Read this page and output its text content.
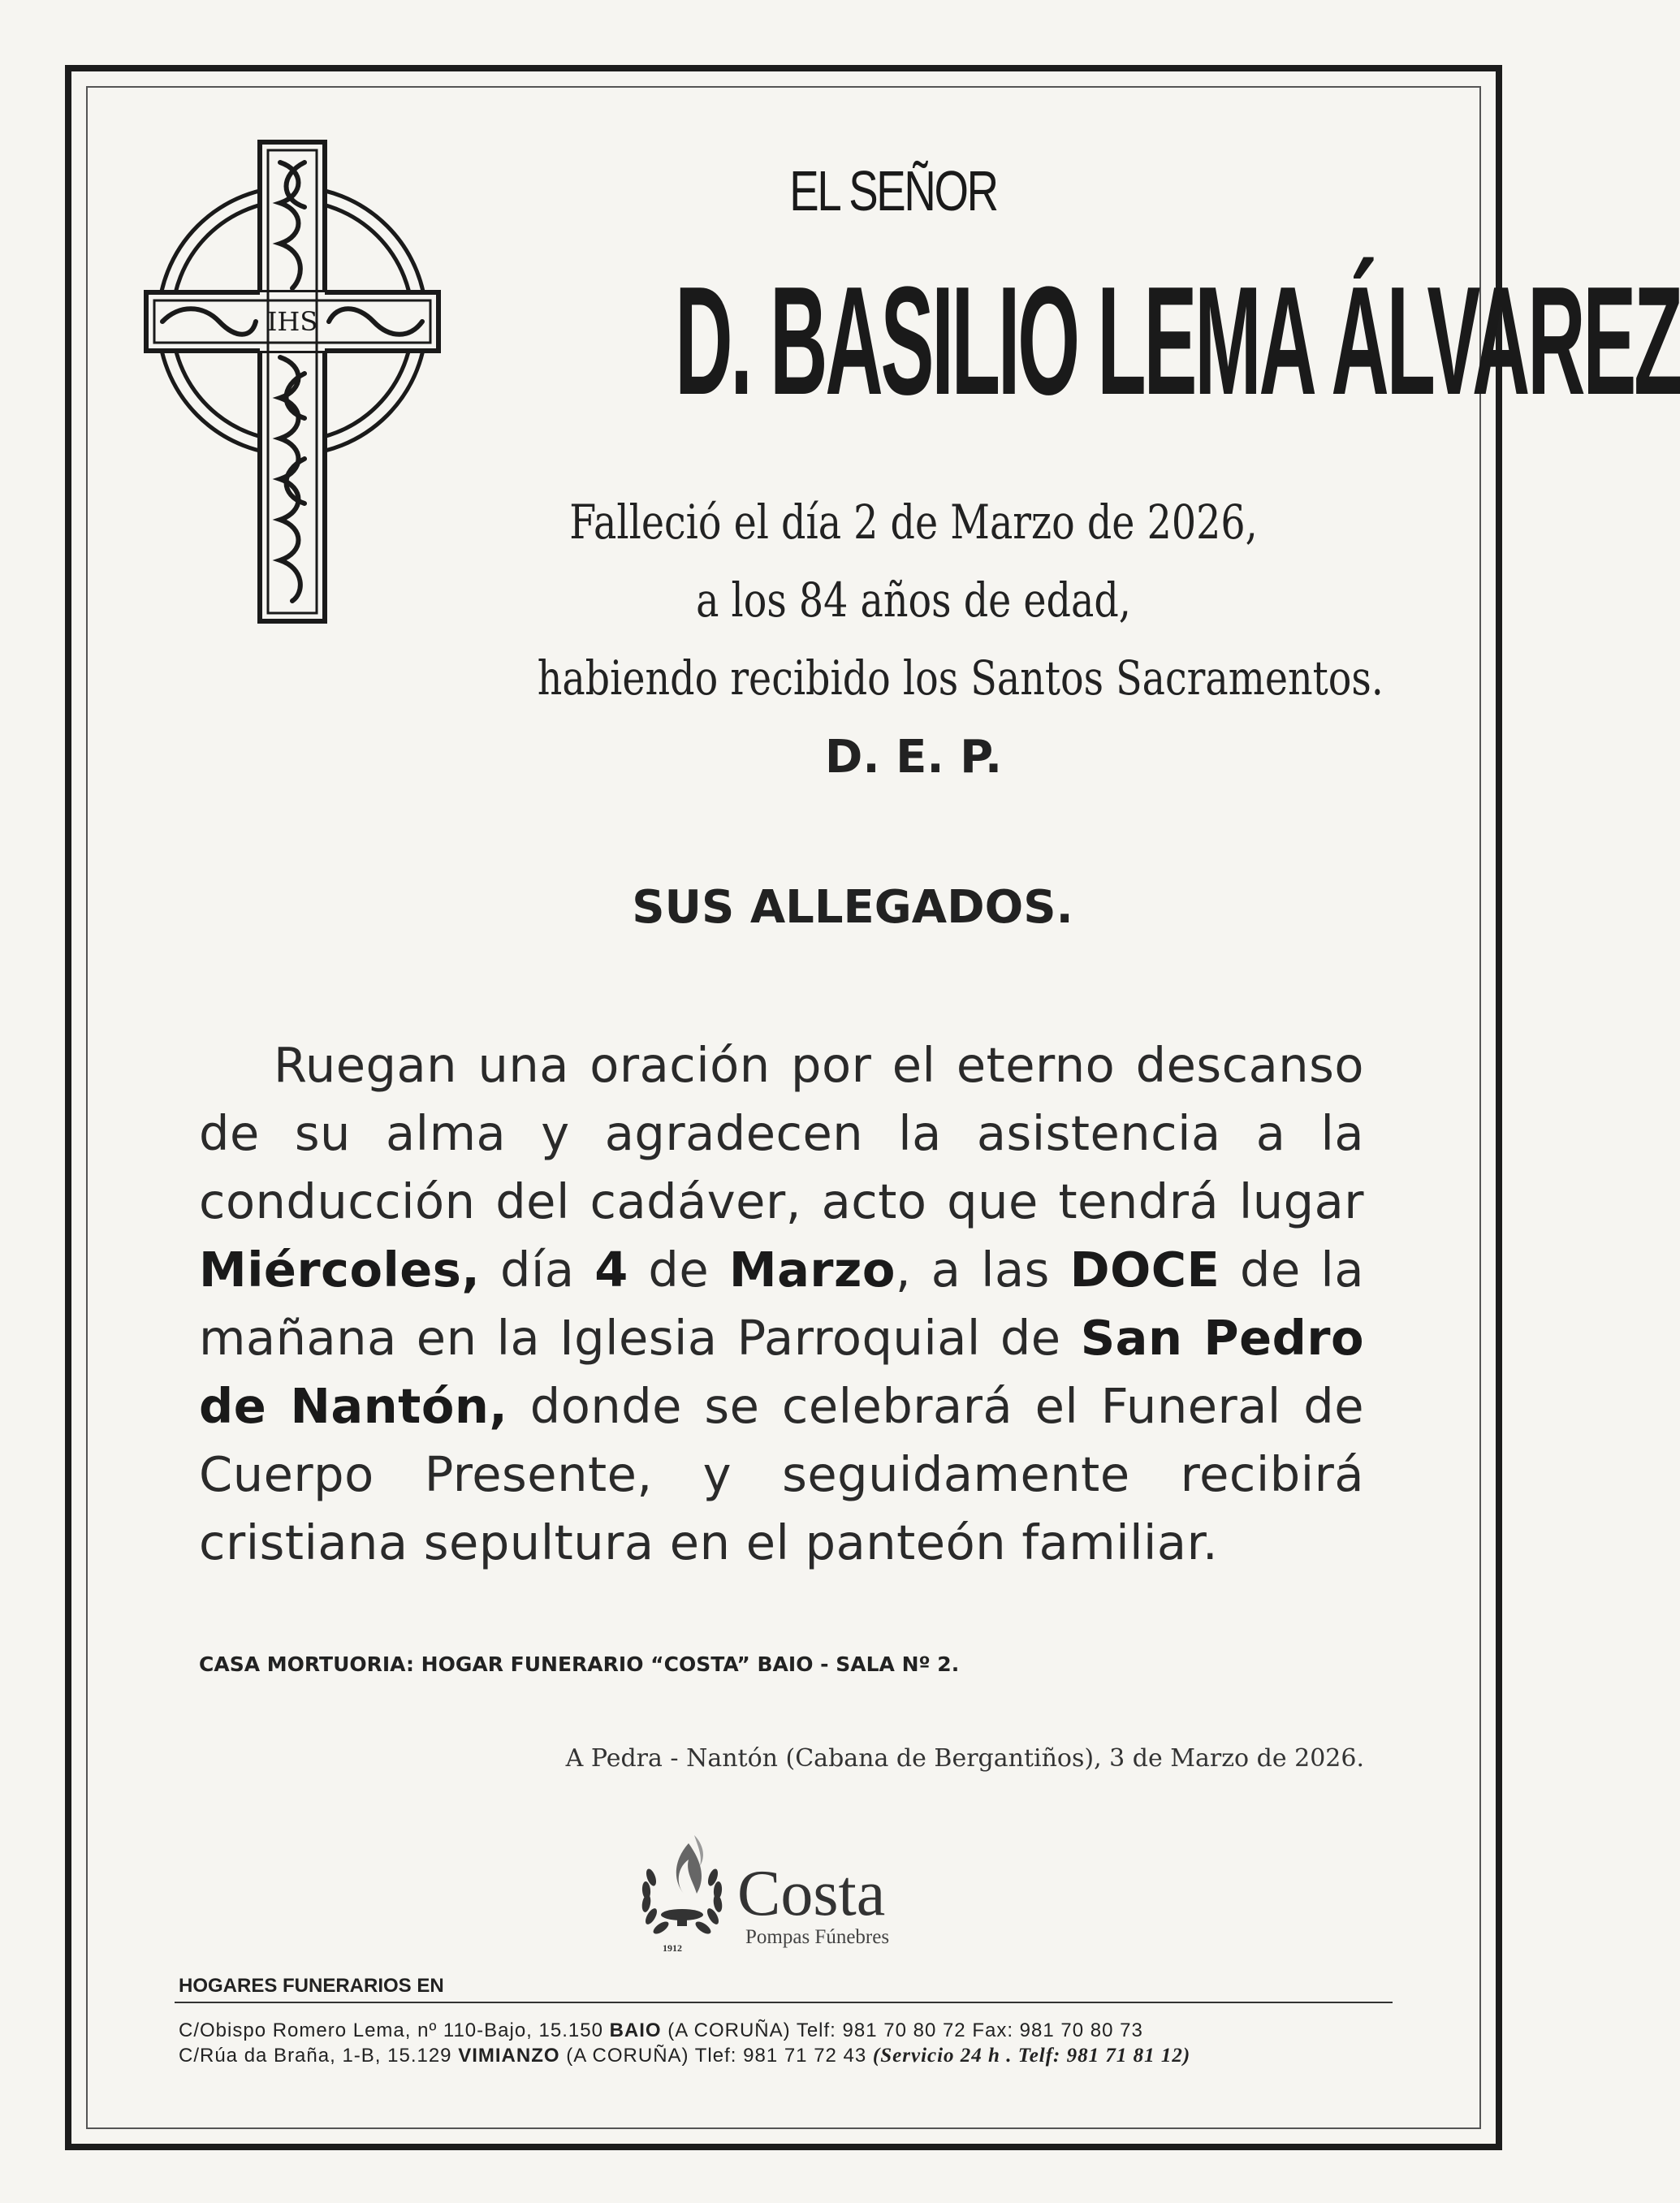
IHS
EL SEÑOR
D. BASILIO LEMA ÁLVAREZ
Falleció el día 2 de Marzo de 2026,
a los 84 años de edad,
habiendo recibido los Santos Sacramentos.
D. E. P.
SUS ALLEGADOS.
Ruegan una oración por el eterno descanso de su alma y agradecen la asistencia a la conducción del cadáver, acto que tendrá lugar Miércoles, día 4 de Marzo, a las DOCE de la mañana en la Iglesia Parroquial de San Pedro de Nantón, donde se celebrará el Funeral de Cuerpo Presente, y seguidamente recibirá cristiana sepultura en el panteón familiar.
CASA MORTUORIA: HOGAR FUNERARIO “COSTA” BAIO - SALA Nº 2.
A Pedra - Nantón (Cabana de Bergantiños), 3 de Marzo de 2026.
1912
Costa
Pompas Fúnebres
HOGARES FUNERARIOS EN
C/Obispo Romero Lema, nº 110-Bajo, 15.150 BAIO (A CORUÑA) Telf: 981 70 80 72 Fax: 981 70 80 73
C/Rúa da Braña, 1-B, 15.129 VIMIANZO (A CORUÑA) Tlef: 981 71 72 43 (Servicio 24 h . Telf: 981 71 81 12)
